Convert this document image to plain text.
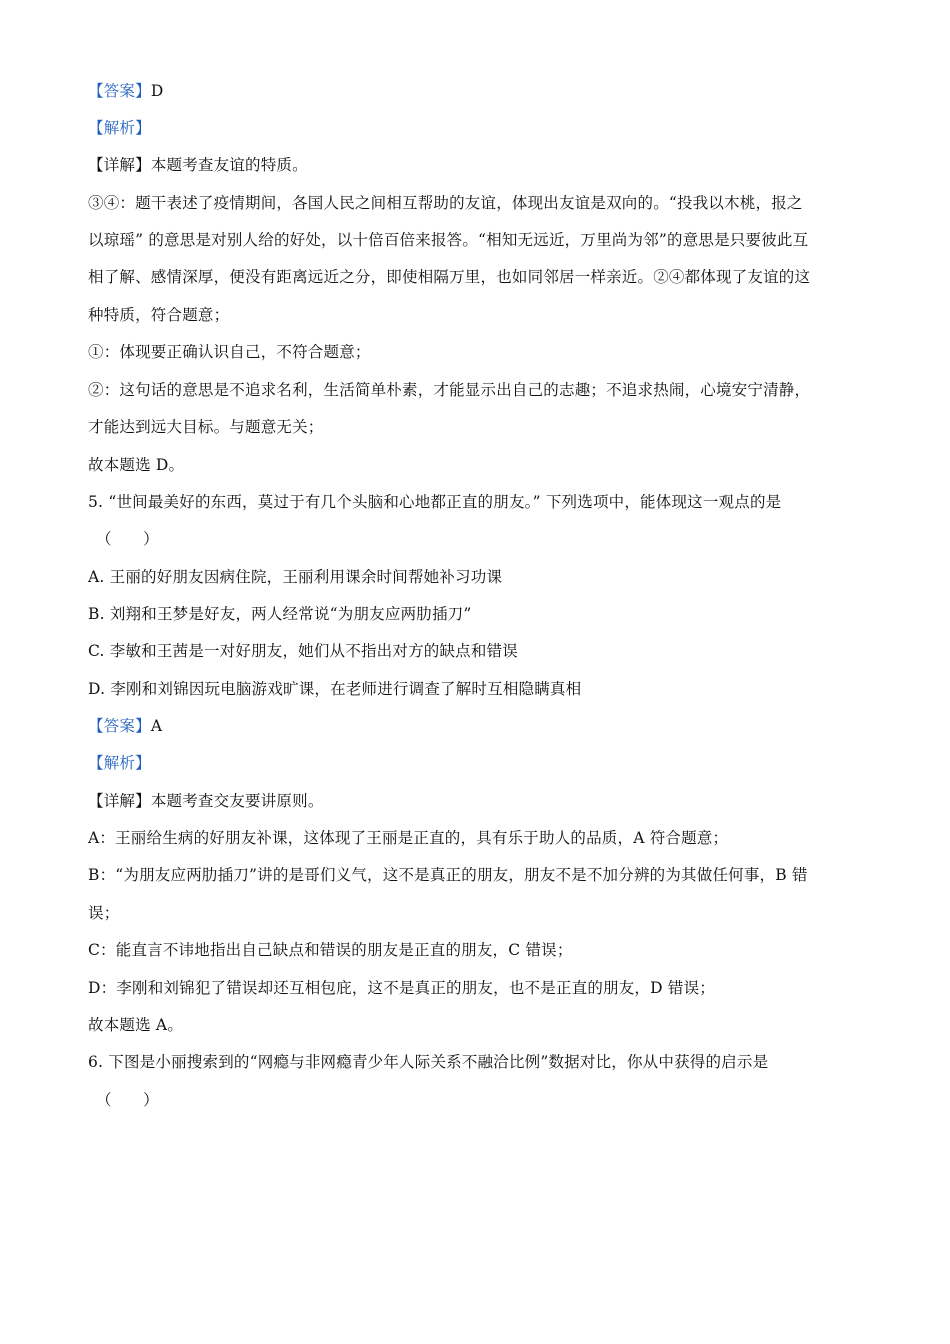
【答案】D
【解析】
【详解】本题考查友谊的特质。
③④：题干表述了疫情期间，各国人民之间相互帮助的友谊，体现出友谊是双向的。“投我以木桃，报之
以琼瑶” 的意思是对别人给的好处，以十倍百倍来报答。“相知无远近，万里尚为邻”的意思是只要彼此互
相了解、感情深厚，便没有距离远近之分，即使相隔万里，也如同邻居一样亲近。②④都体现了友谊的这
种特质，符合题意；
①：体现要正确认识自己，不符合题意；
②：这句话的意思是不追求名利，生活简单朴素，才能显示出自己的志趣；不追求热闹，心境安宁清静，
才能达到远大目标。与题意无关；
故本题选 D。
5. “世间最美好的东西，莫过于有几个头脑和心地都正直的朋友。” 下列选项中，能体现这一观点的是
（　　）
A. 王丽的好朋友因病住院，王丽利用课余时间帮她补习功课
B. 刘翔和王梦是好友，两人经常说“为朋友应两肋插刀”
C. 李敏和王茜是一对好朋友，她们从不指出对方的缺点和错误
D. 李刚和刘锦因玩电脑游戏旷课，在老师进行调查了解时互相隐瞒真相
【答案】A
【解析】
【详解】本题考查交友要讲原则。
A：王丽给生病的好朋友补课，这体现了王丽是正直的，具有乐于助人的品质，A 符合题意；
B：“为朋友应两肋插刀”讲的是哥们义气，这不是真正的朋友，朋友不是不加分辨的为其做任何事，B 错
误；
C：能直言不讳地指出自己缺点和错误的朋友是正直的朋友，C 错误；
D：李刚和刘锦犯了错误却还互相包庇，这不是真正的朋友，也不是正直的朋友，D 错误；
故本题选 A。
6. 下图是小丽搜索到的“网瘾与非网瘾青少年人际关系不融洽比例”数据对比，你从中获得的启示是
（　　）
